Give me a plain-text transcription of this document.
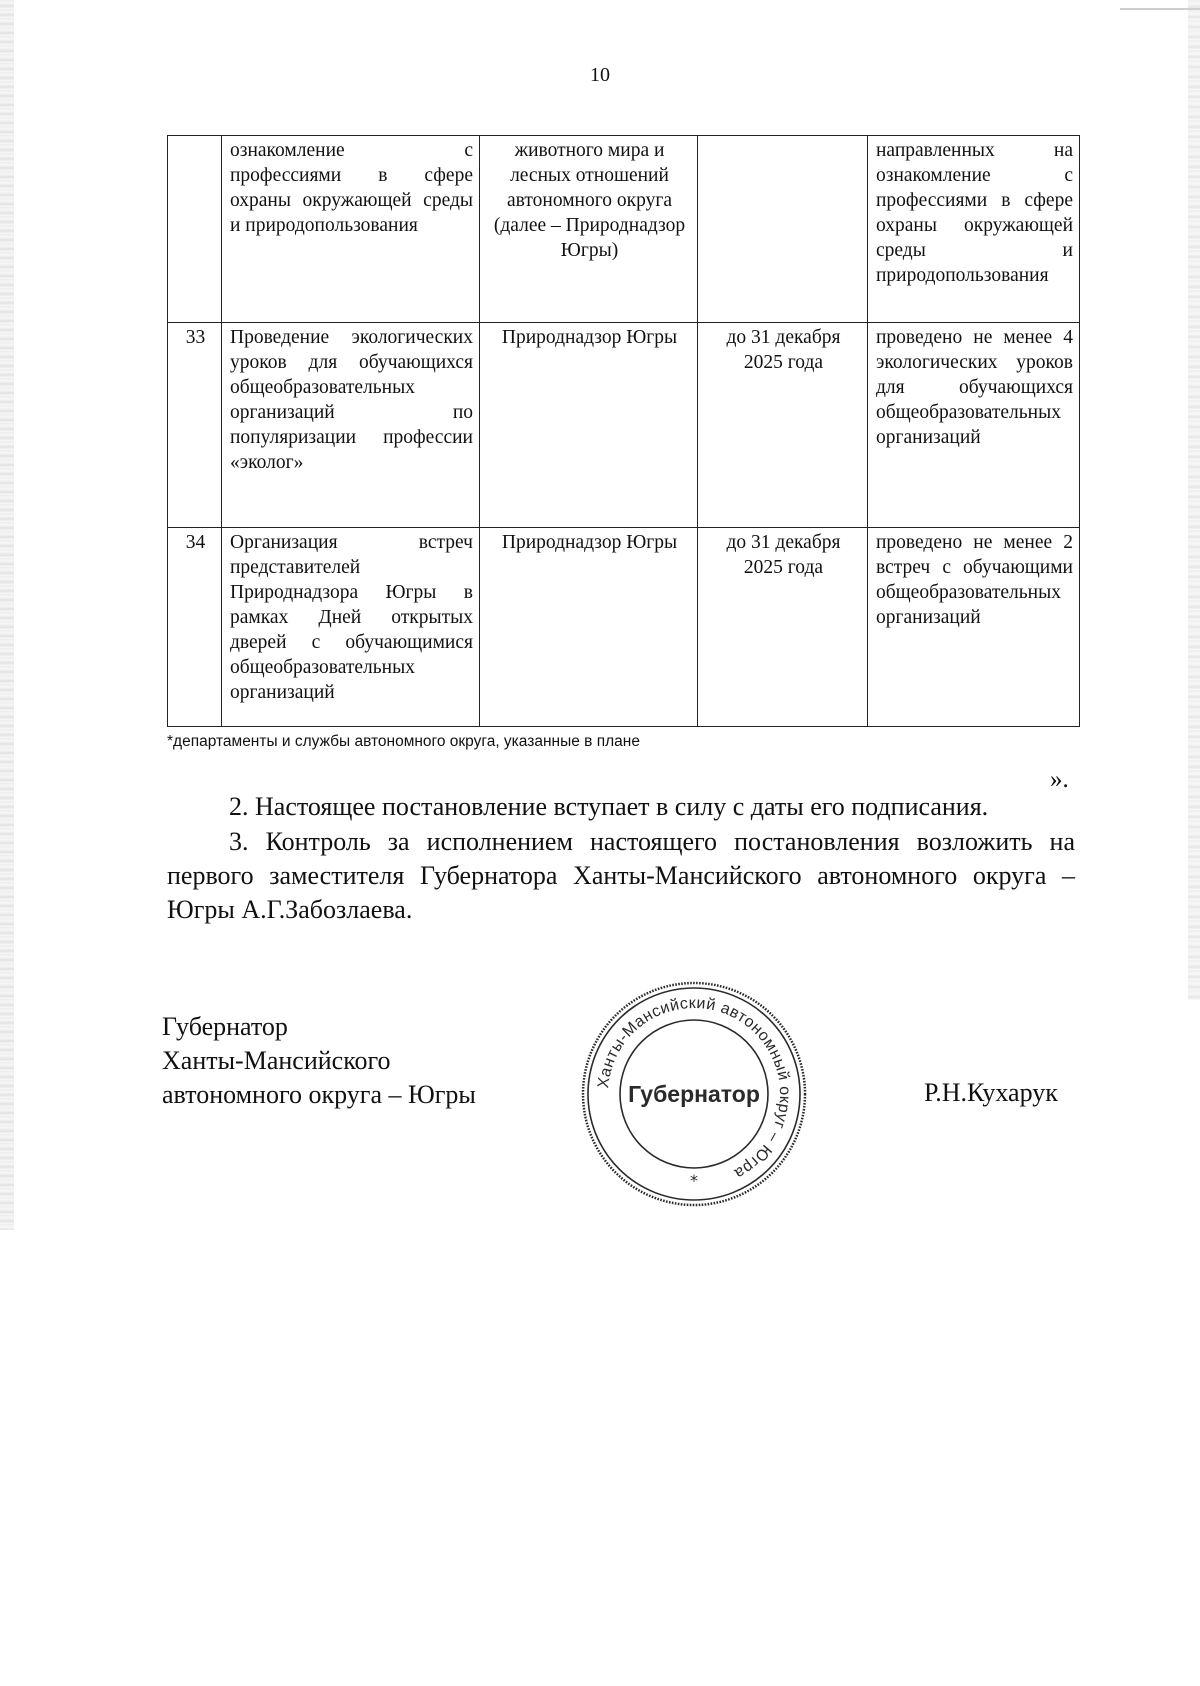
10
	ознакомление с профессиями в сфере охраны окружающей среды и природопользования	животного мира и лесных отношений автономного округа (далее – Природнадзор Югры)		направленных на ознакомление с профессиями в сфере охраны окружающей среды и природопользования
33	Проведение экологических уроков для обучающихся общеобразовательных организаций по популяризации профессии «эколог»	Природнадзор Югры	до 31 декабря 2025 года	проведено не менее 4 экологических уроков для обучающихся общеобразовательных организаций
34	Организация встреч представителей Природнадзора Югры в рамках Дней открытых дверей с обучающимися общеобразовательных организаций	Природнадзор Югры	до 31 декабря 2025 года	проведено не менее 2 встреч с обучающими общеобразовательных организаций
*департаменты и службы автономного округа, указанные в плане
».
2. Настоящее постановление вступает в силу с даты его подписания.
3. Контроль за исполнением настоящего постановления возложить на первого заместителя Губернатора Ханты-Мансийского автономного округа – Югры А.Г.Забозлаева.
Губернатор
Ханты-Мансийского
автономного округа – Югры	Ханты-Мансийский автономный округ – Югра
Губернатор
*
Р.Н.Кухарук
